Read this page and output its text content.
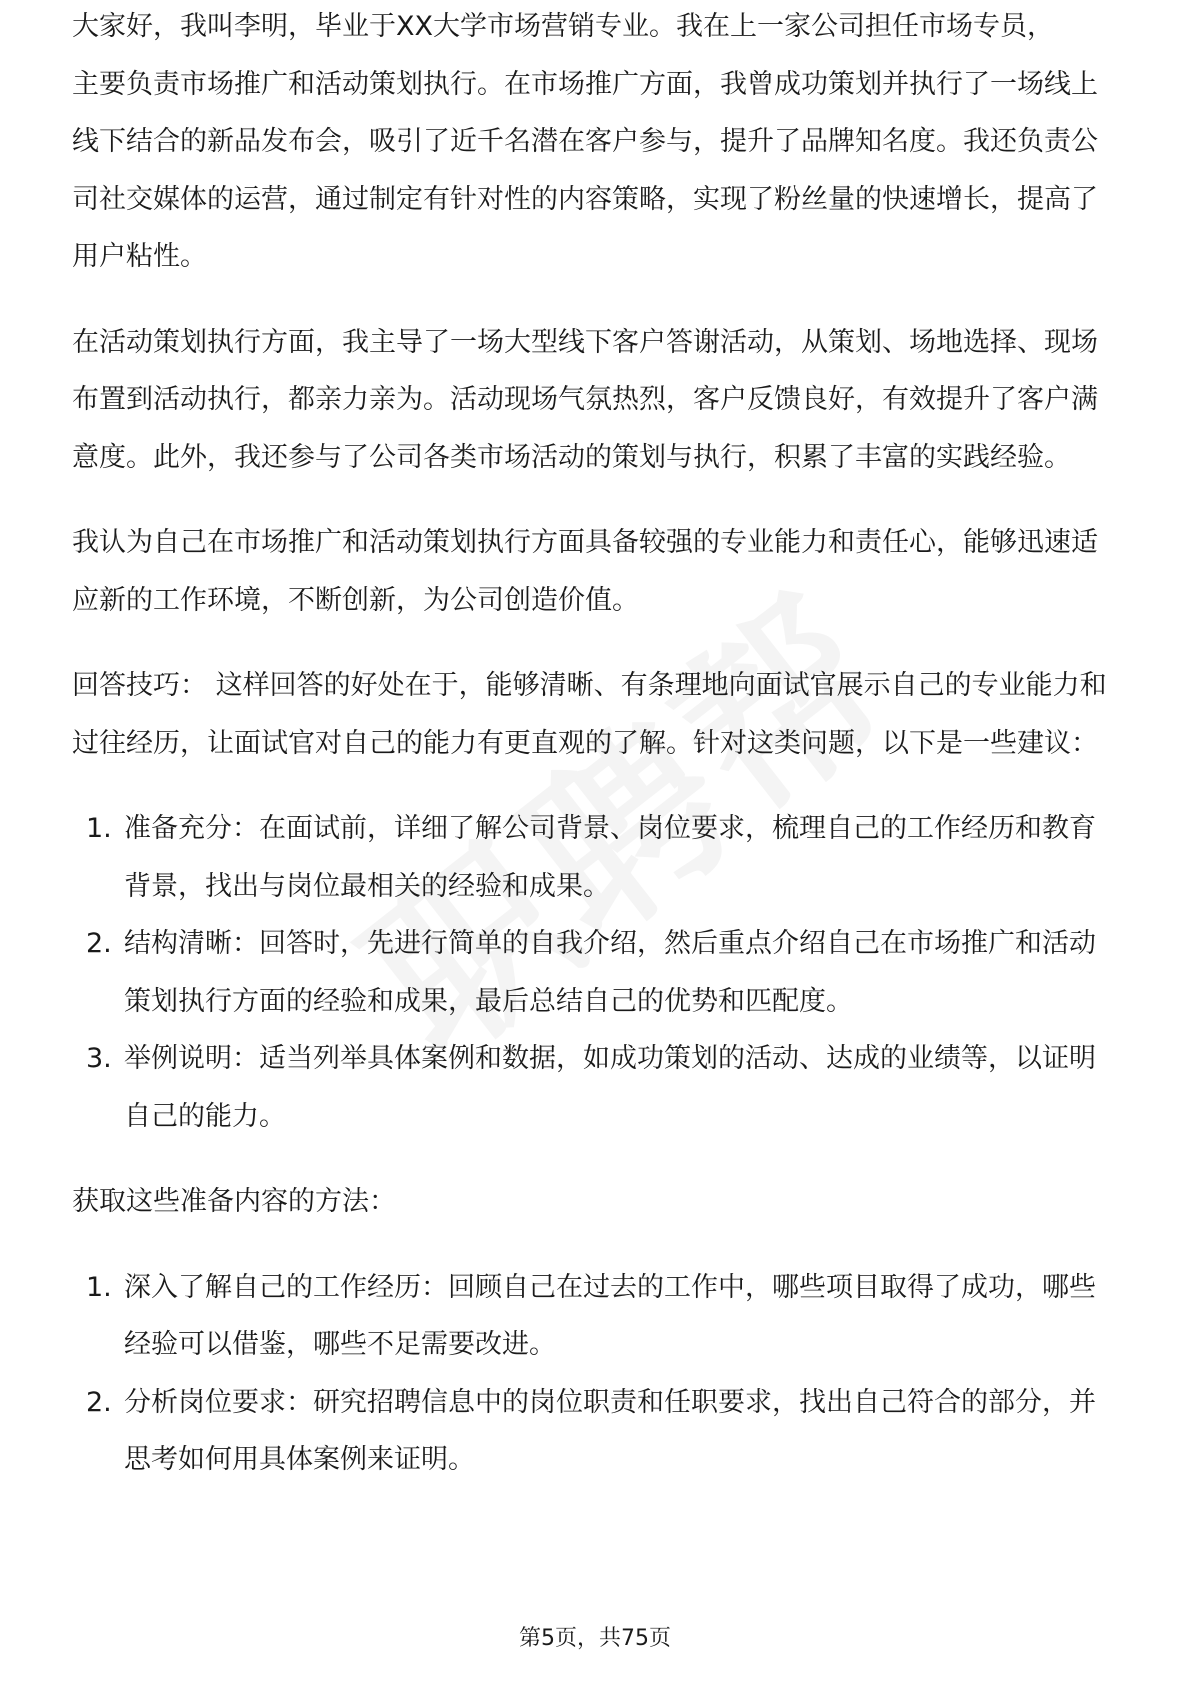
大家好，我叫李明，毕业于XX大学市场营销专业。我在上一家公司担任市场专员，

主要负责市场推广和活动策划执行。在市场推广方面，我曾成功策划并执行了一场线上线下结合的新品发布会，吸引了近千名潜在客户参与，提升了品牌知名度。我还负责公司社交媒体的运营，通过制定有针对性的内容策略，实现了粉丝量的快速增长，提高了用户粘性。

在活动策划执行方面，我主导了一场大型线下客户答谢活动，从策划、场地选择、现场布置到活动执行，都亲力亲为。活动现场气氛热烈，客户反馈良好，有效提升了客户满意度。此外，我还参与了公司各类市场活动的策划与执行，积累了丰富的实践经验。

我认为自己在市场推广和活动策划执行方面具备较强的专业能力和责任心，能够迅速适应新的工作环境，不断创新，为公司创造价值。

回答技巧： 这样回答的好处在于，能够清晰、有条理地向面试官展示自己的专业能力和过往经历，让面试官对自己的能力有更直观的了解。针对这类问题，以下是一些建议：

1. 准备充分：在面试前，详细了解公司背景、岗位要求，梳理自己的工作经历和教育背景，找出与岗位最相关的经验和成果。
2. 结构清晰：回答时，先进行简单的自我介绍，然后重点介绍自己在市场推广和活动策划执行方面的经验和成果，最后总结自己的优势和匹配度。
3. 举例说明：适当列举具体案例和数据，如成功策划的活动、达成的业绩等，以证明自己的能力。

获取这些准备内容的方法：

1. 深入了解自己的工作经历：回顾自己在过去的工作中，哪些项目取得了成功，哪些经验可以借鉴，哪些不足需要改进。
2. 分析岗位要求：研究招聘信息中的岗位职责和任职要求，找出自己符合的部分，并思考如何用具体案例来证明。
第5页，共75页
